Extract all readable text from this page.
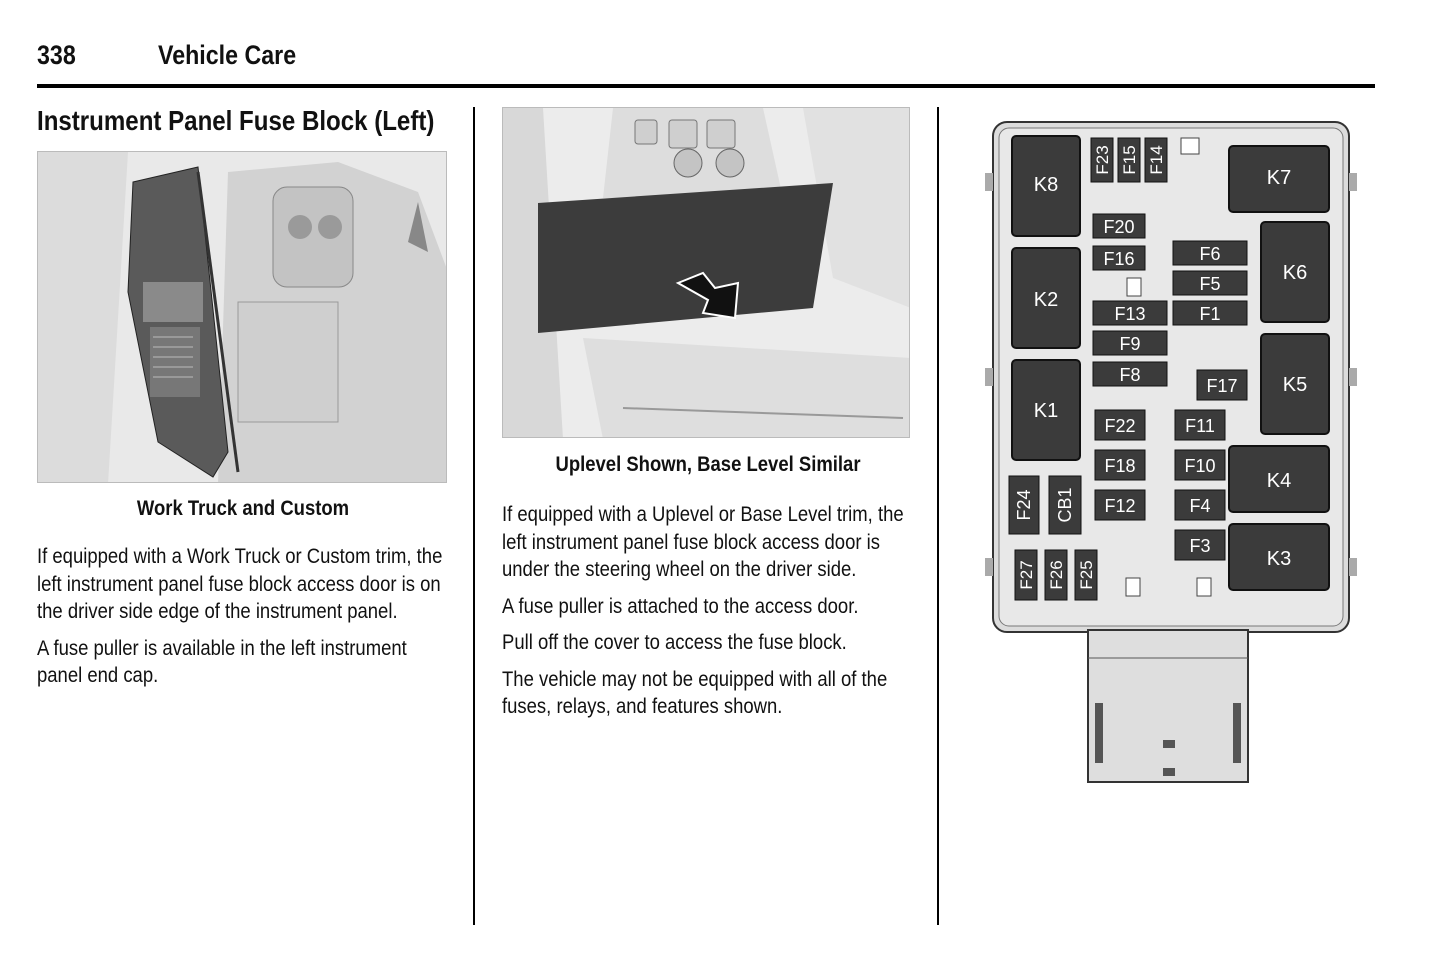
338	Vehicle Care
Instrument Panel Fuse Block (Left)
Work Truck and Custom

If equipped with a Work Truck or Custom trim, the left instrument panel fuse block access door is on the driver side edge of the instrument panel.

A fuse puller is available in the left instrument panel end cap.

Uplevel Shown, Base Level Similar

If equipped with a Uplevel or Base Level trim, the left instrument panel fuse block access door is under the steering wheel on the driver side.

A fuse puller is attached to the access door.

Pull off the cover to access the fuse block.

The vehicle may not be equipped with all of the fuses, relays, and features shown.

K8
K2
K1
K7
K6
K5
K4
K3
F20
F16
F13
F9
F8
F6
F5
F1
F17
F22
F18
F12
F11
F10
F4
F3
F23 F15 F14
F24 CB1
F27 F26 F25
